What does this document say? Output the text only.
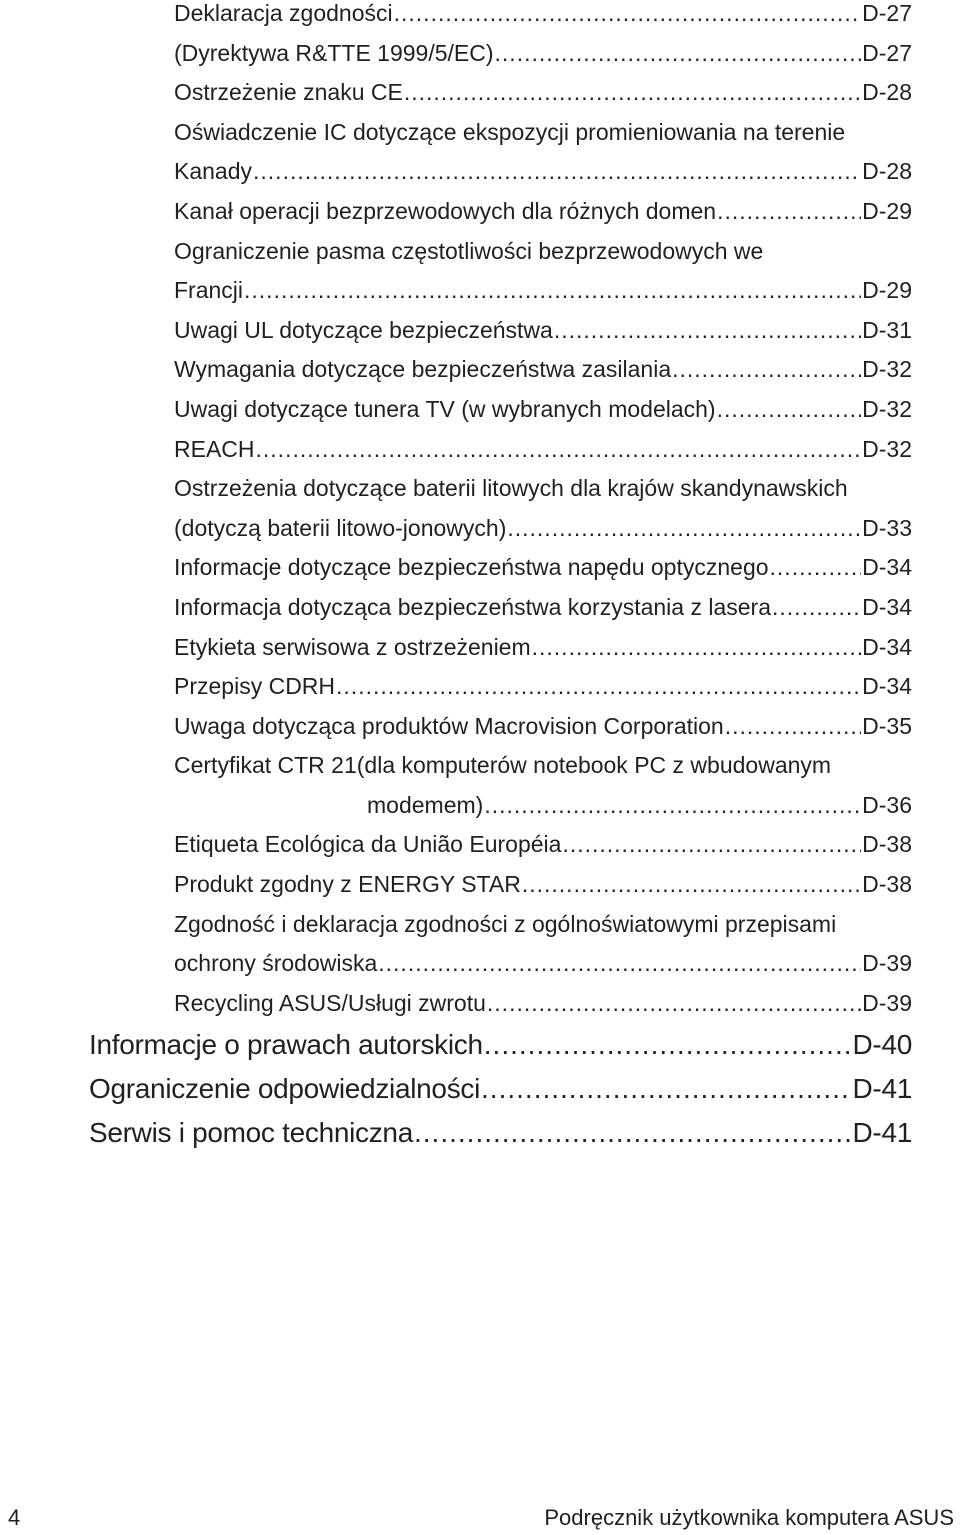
Deklaracja zgodności .....	D-27
(Dyrektywa R&TTE 1999/5/EC) .....	D-27
Ostrzeżenie znaku CE .....	D-28
Oświadczenie IC dotyczące ekspozycji promieniowania na terenie
Kanady .....	D-28
Kanał operacji bezprzewodowych dla różnych domen .....	D-29
Ograniczenie pasma częstotliwości bezprzewodowych we
Francji .....	D-29
Uwagi UL dotyczące bezpieczeństwa .....	D-31
Wymagania dotyczące bezpieczeństwa zasilania .....	D-32
Uwagi dotyczące tunera TV (w wybranych modelach) .....	D-32
REACH .....	D-32
Ostrzeżenia dotyczące baterii litowych dla krajów skandynawskich
(dotyczą baterii litowo-jonowych) .....	D-33
Informacje dotyczące bezpieczeństwa napędu optycznego .....	D-34
Informacja dotycząca bezpieczeństwa korzystania z lasera .....	D-34
Etykieta serwisowa z ostrzeżeniem .....	D-34
Przepisy CDRH .....	D-34
Uwaga dotycząca produktów Macrovision Corporation .....	D-35
Certyfikat CTR 21(dla komputerów notebook PC z wbudowanym
modemem) .....	D-36
Etiqueta Ecológica da União Européia .....	D-38
Produkt zgodny z ENERGY STAR .....	D-38
Zgodność i deklaracja zgodności z ogólnoświatowymi przepisami
ochrony środowiska .....	D-39
Recycling ASUS/Usługi zwrotu .....	D-39
Informacje o prawach autorskich .....	D-40
Ograniczenie odpowiedzialności .....	D-41
Serwis i pomoc techniczna .....	D-41
4	Podręcznik użytkownika komputera ASUS
